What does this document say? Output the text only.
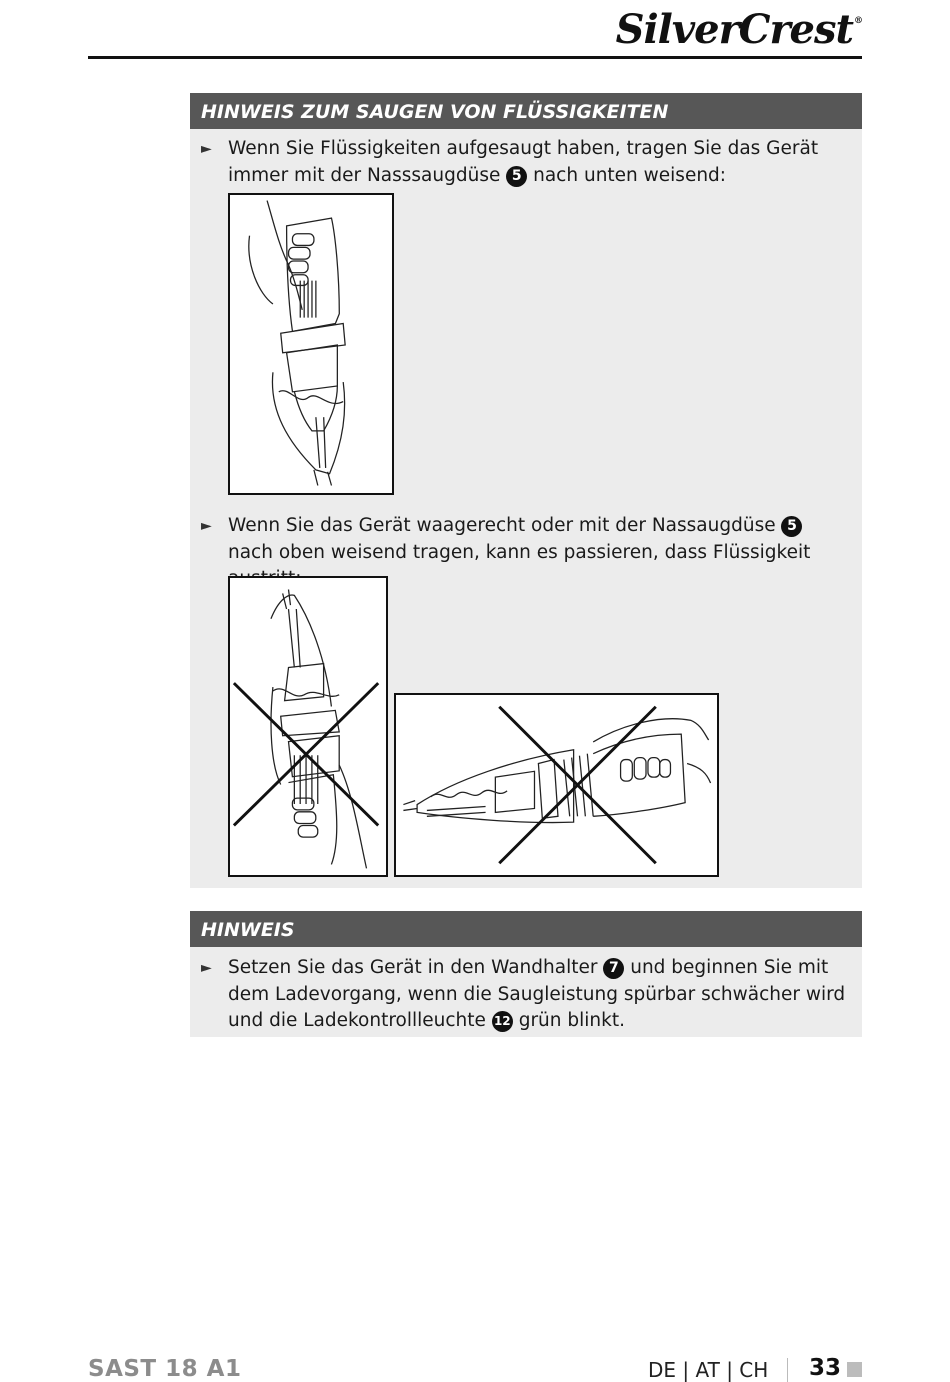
SilverCrest®
HINWEIS ZUM SAUGEN VON FLÜSSIGKEITEN
► Wenn Sie Flüssigkeiten aufgesaugt haben, tragen Sie das Gerät immer mit der Nasssaugdüse 5 nach unten weisend:
► Wenn Sie das Gerät waagerecht oder mit der Nassaugdüse 5 nach oben weisend tragen, kann es passieren, dass Flüssigkeit
HINWEIS
► Setzen Sie das Gerät in den Wandhalter 7 und beginnen Sie mit dem Ladevorgang, wenn die Saugleistung spürbar schwächer wird und die Ladekontrollleuchte 12 grün blinkt.
SAST 18 A1	DE | AT | CH 33
